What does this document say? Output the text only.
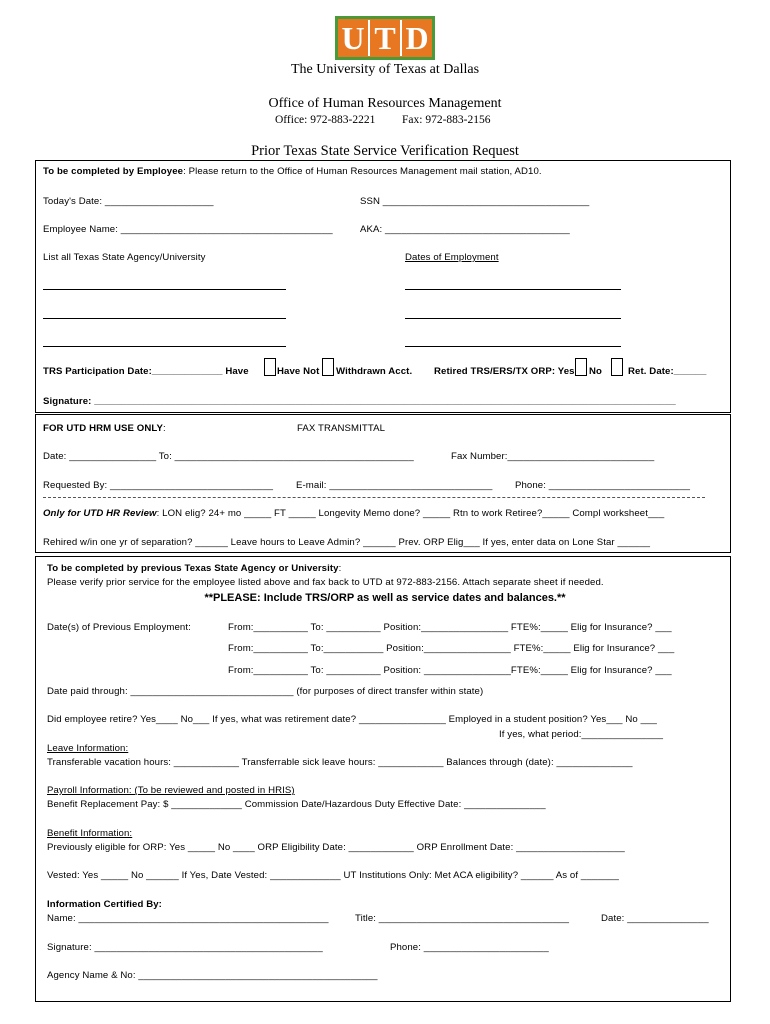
U T D
The University of Texas at Dallas
Office of Human Resources Management
Office: 972-883-2221 Fax: 972-883-2156
Prior Texas State Service Verification Request
To be completed by Employee: Please return to the Office of Human Resources Management mail station, AD10.
Today's Date: ____________________	SSN ______________________________________
Employee Name: _______________________________________	AKA: __________________________________
List all Texas State Agency/University	Dates of Employment
TRS Participation Date:_____________ Have	Have Not Withdrawn Acct. Retired TRS/ERS/TX ORP: Yes No	Ret. Date:______
Signature: ___________________________________________________________________________________________________________
FOR UTD HRM USE ONLY:	FAX TRANSMITTAL
Date: ________________ To: ____________________________________________	Fax Number:___________________________
Requested By: ______________________________ E-mail: ______________________________ Phone: __________________________
Only for UTD HR Review: LON elig? 24+ mo _____ FT _____ Longevity Memo done? _____ Rtn to work Retiree?_____ Compl worksheet___
Rehired w/in one yr of separation? ______ Leave hours to Leave Admin? ______ Prev. ORP Elig___ If yes, enter data on Lone Star ______
To be completed by previous Texas State Agency or University:
Please verify prior service for the employee listed above and fax back to UTD at 972-883-2156. Attach separate sheet if needed.
**PLEASE: Include TRS/ORP as well as service dates and balances.**
Date(s) of Previous Employment:	From:__________ To: __________ Position:________________ FTE%:_____ Elig for Insurance? ___
From:__________ To:___________ Position:________________ FTE%:_____ Elig for Insurance? ___
From:__________ To: __________ Position: ________________FTE%:_____ Elig for Insurance? ___
Date paid through: ______________________________ (for purposes of direct transfer within state)
Did employee retire? Yes____ No___ If yes, what was retirement date? ________________ Employed in a student position? Yes___ No ___
If yes, what period:_______________
Leave Information:
Transferable vacation hours: ____________ Transferrable sick leave hours: ____________ Balances through (date): ______________
Payroll Information: (To be reviewed and posted in HRIS)
Benefit Replacement Pay: $ _____________ Commission Date/Hazardous Duty Effective Date: _______________
Benefit Information:
Previously eligible for ORP: Yes _____ No ____ ORP Eligibility Date: ____________ ORP Enrollment Date: ____________________
Vested: Yes _____ No ______ If Yes, Date Vested: _____________ UT Institutions Only: Met ACA eligibility? ______ As of _______
Information Certified By:
Name: ______________________________________________	Title: ___________________________________	Date: _______________
Signature: __________________________________________	Phone: _______________________
Agency Name & No: ____________________________________________
